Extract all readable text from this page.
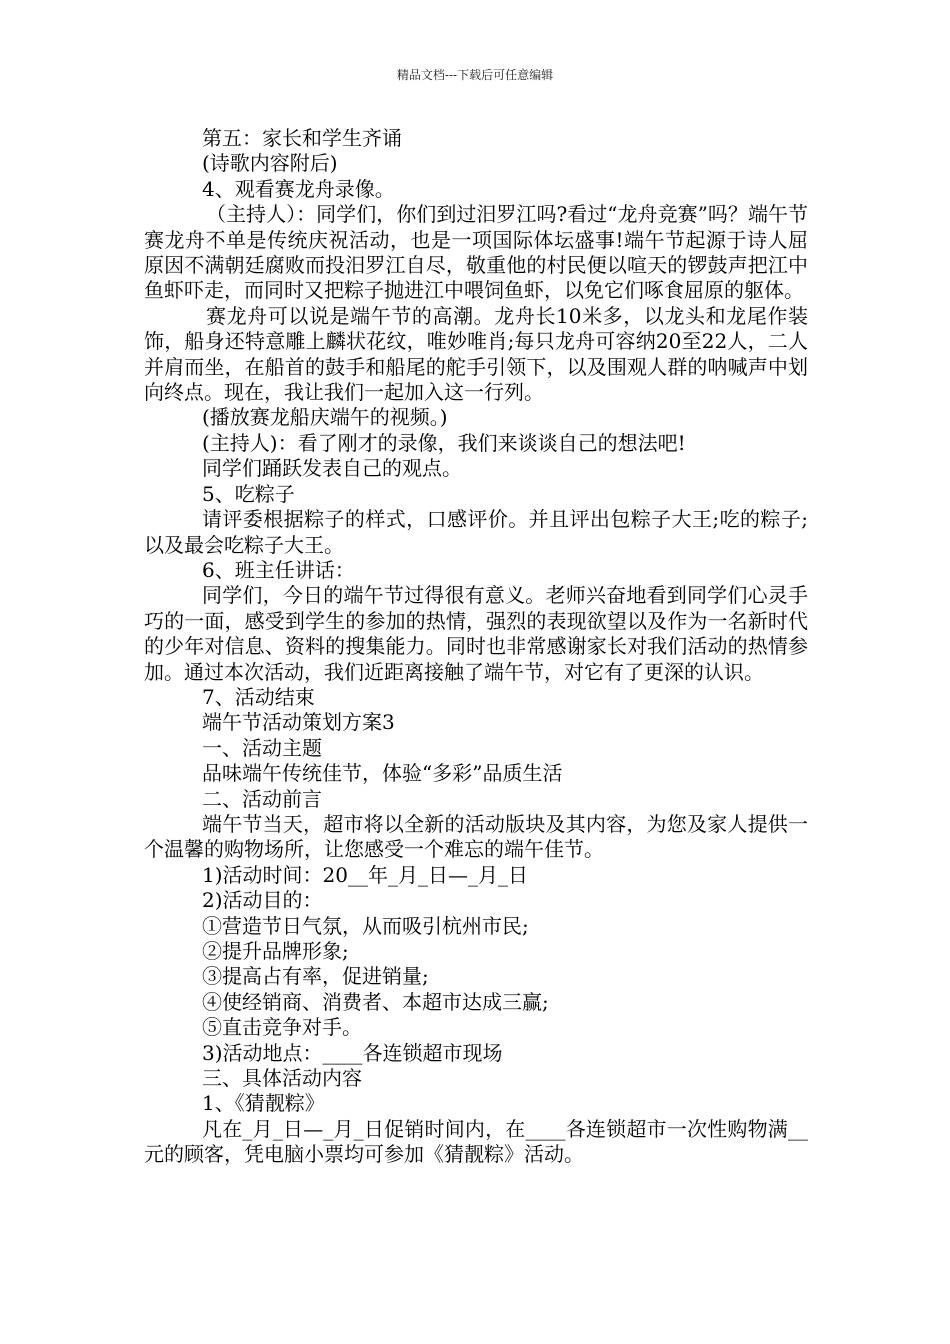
精品文档---下载后可任意编辑

第五：家长和学生齐诵

(诗歌内容附后)

4、观看赛龙舟录像。

（主持人）：同学们，你们到过汨罗江吗?看过“龙舟竞赛”吗？端午节赛龙舟不单是传统庆祝活动，也是一项国际体坛盛事!端午节起源于诗人屈原因不满朝廷腐败而投汨罗江自尽，敬重他的村民便以喧天的锣鼓声把江中鱼虾吓走，而同时又把粽子抛进江中喂饲鱼虾，以免它们啄食屈原的躯体。

赛龙舟可以说是端午节的高潮。龙舟长10米多，以龙头和龙尾作装饰，船身还特意雕上麟状花纹，唯妙唯肖;每只龙舟可容纳20至22人，二人并肩而坐，在船首的鼓手和船尾的舵手引领下，以及围观人群的呐喊声中划向终点。现在，我让我们一起加入这一行列。

(播放赛龙船庆端午的视频。)

(主持人)：看了刚才的录像，我们来谈谈自己的想法吧!

同学们踊跃发表自己的观点。

5、吃粽子

请评委根据粽子的样式，口感评价。并且评出包粽子大王;吃的粽子;以及最会吃粽子大王。

6、班主任讲话：

同学们，今日的端午节过得很有意义。老师兴奋地看到同学们心灵手巧的一面，感受到学生的参加的热情，强烈的表现欲望以及作为一名新时代的少年对信息、资料的搜集能力。同时也非常感谢家长对我们活动的热情参加。通过本次活动，我们近距离接触了端午节，对它有了更深的认识。

7、活动结束

端午节活动策划方案3

一、活动主题

品味端午传统佳节，体验“多彩”品质生活

二、活动前言

端午节当天，超市将以全新的活动版块及其内容，为您及家人提供一个温馨的购物场所，让您感受一个难忘的端午佳节。

1)活动时间：20__年_月_日—_月_日

2)活动目的：

①营造节日气氛，从而吸引杭州市民;

②提升品牌形象;

③提高占有率，促进销量;

④使经销商、消费者、本超市达成三赢;

⑤直击竞争对手。

3)活动地点：____各连锁超市现场

三、具体活动内容

1、《猜靓粽》

凡在_月_日—_月_日促销时间内，在____各连锁超市一次性购物满__元的顾客，凭电脑小票均可参加《猜靓粽》活动。
